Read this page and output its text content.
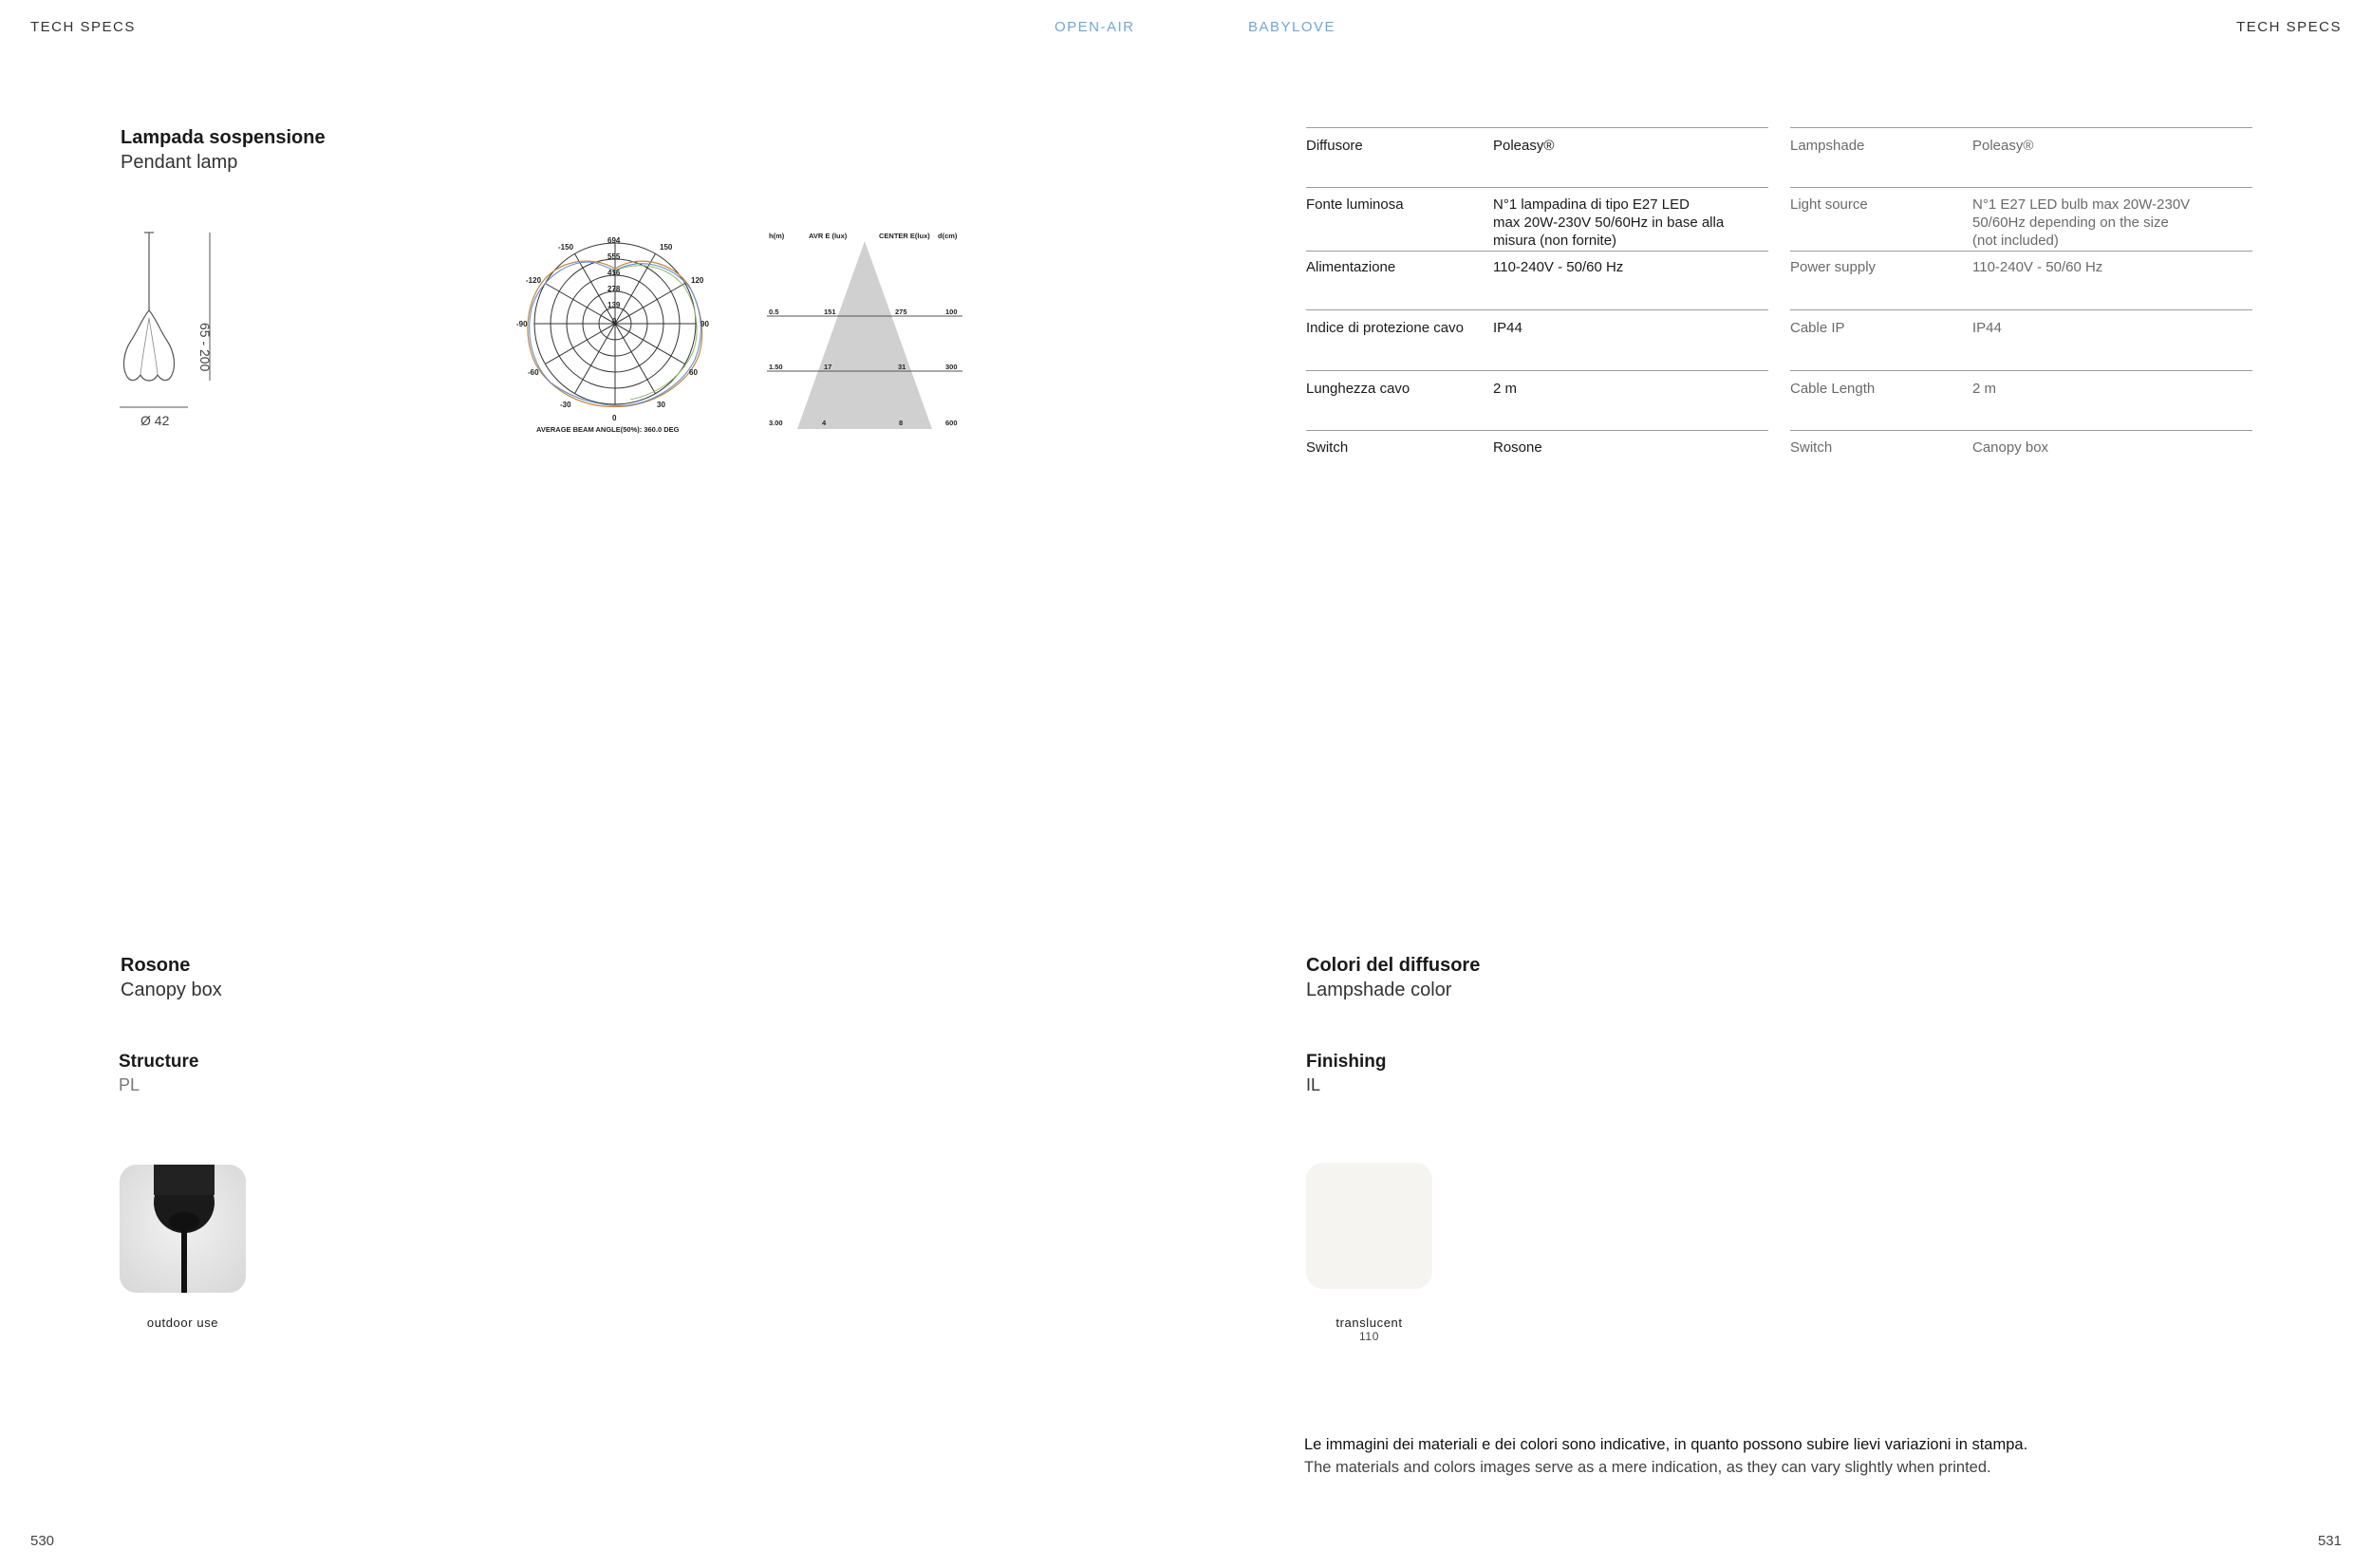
TECH SPECS	OPEN-AIR	BABYLOVE	TECH SPECS
Lampada sospensione
Pendant lamp
65 - 200
Ø 42
-150	150
-120	120
-90	90
-60	60
-30	30
0
694
555
416
278
139
0
AVERAGE BEAM ANGLE(50%): 360.0 DEG
h(m)	AVR E (lux)	CENTER E(lux) d(cm)
0.5	151	275	100
1.50	17	31	300
3.00	4	8	600
Diffusore	Poleasy®
Fonte luminosa	N°1 lampadina di tipo E27 LED
max 20W-230V 50/60Hz in base alla
misura (non fornite)
Alimentazione	110-240V - 50/60 Hz
Indice di protezione cavo IP44
Lunghezza cavo	2 m
Switch	Rosone
Lampshade	Poleasy®
Light source	N°1 E27 LED bulb max 20W-230V
50/60Hz depending on the size
(not included)
Power supply	110-240V - 50/60 Hz
Cable IP	IP44
Cable Length	2 m
Switch	Canopy box
Rosone
Canopy box
Structure
PL
outdoor use
Colori del diffusore
Lampshade color
Finishing
IL
translucent
110
Le immagini dei materiali e dei colori sono indicative, in quanto possono subire lievi variazioni in stampa.
The materials and colors images serve as a mere indication, as they can vary slightly when printed.
530	531
